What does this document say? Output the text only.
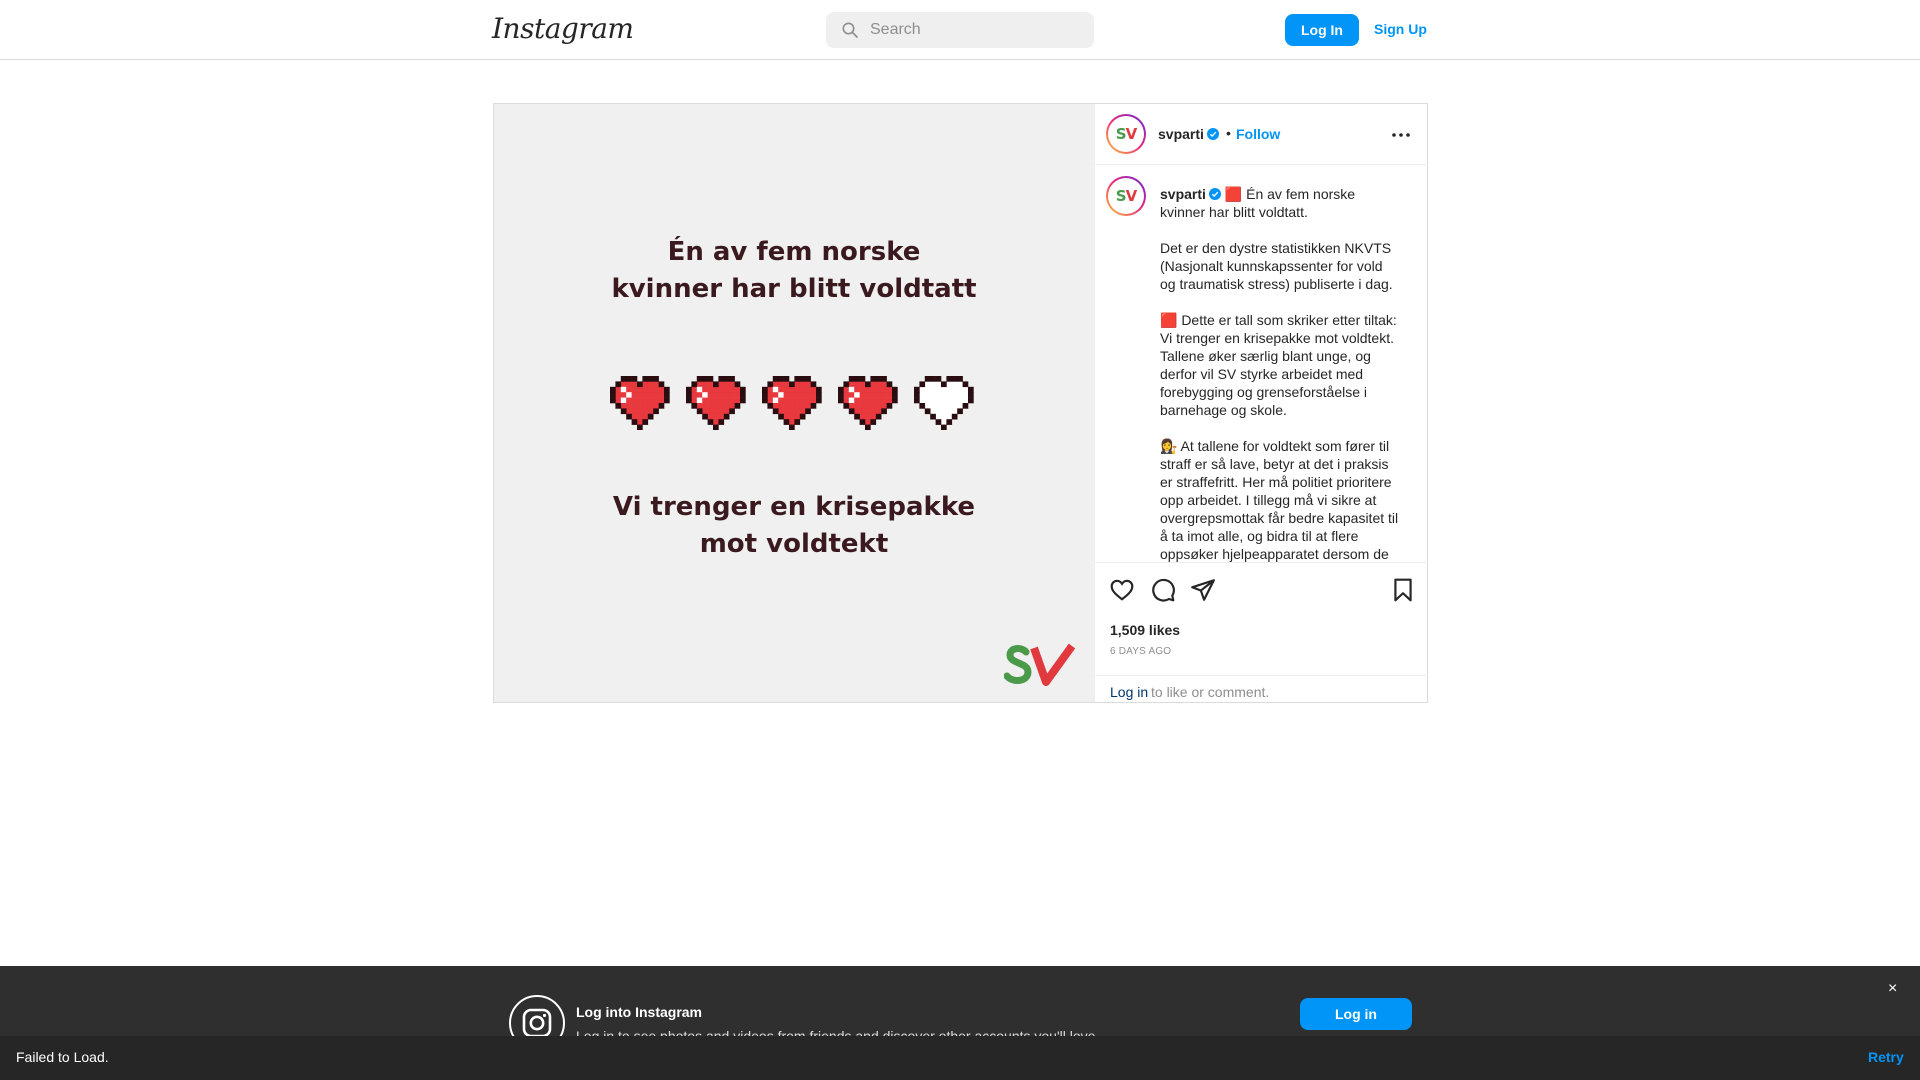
Instagram
Search	Log In	Sign Up
Én av fem norske
kvinner har blitt voldtatt
Vi trenger en krisepakke
mot voldtekt
SV svparti • Follow
SV svparti 🟥 Én av fem norske kvinner har blitt voldtatt.

Det er den dystre statistikken NKVTS (Nasjonalt kunnskapssenter for vold og traumatisk stress) publiserte i dag.

🟥 Dette er tall som skriker etter tiltak: Vi trenger en krisepakke mot voldtekt. Tallene øker særlig blant unge, og derfor vil SV styrke arbeidet med forebygging og grenseforståelse i barnehage og skole.

👩‍⚖️ At tallene for voldtekt som fører til straff er så lave, betyr at det i praksis er straffefritt. Her må politiet prioritere opp arbeidet. I tillegg må vi sikre at overgrepsmottak får bedre kapasitet til å ta imot alle, og bidra til at flere oppsøker hjelpeapparatet dersom de
1,509 likes
6 DAYS AGO
Log in to like or comment.
Log into Instagram	Log in
×
Failed to Load.	Retry
